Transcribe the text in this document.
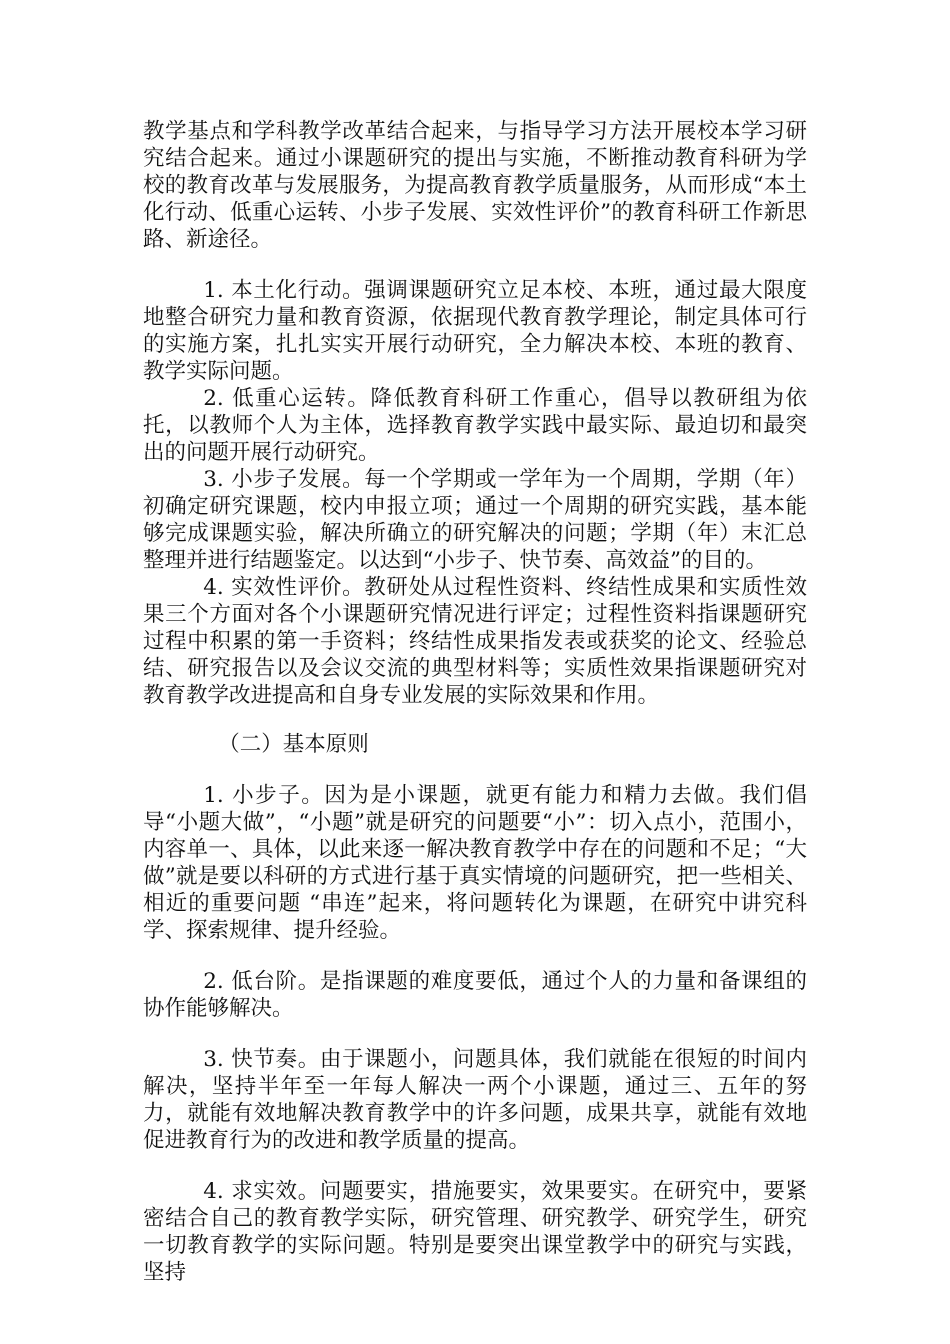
教学基点和学科教学改革结合起来，与指导学习方法开展校本学习研究结合起来。通过小课题研究的提出与实施，不断推动教育科研为学校的教育改革与发展服务，为提高教育教学质量服务，从而形成“本土化行动、低重心运转、小步子发展、实效性评价”的教育科研工作新思路、新途径。

1. 本土化行动。强调课题研究立足本校、本班，通过最大限度地整合研究力量和教育资源，依据现代教育教学理论，制定具体可行的实施方案，扎扎实实开展行动研究，全力解决本校、本班的教育、教学实际问题。

2. 低重心运转。降低教育科研工作重心，倡导以教研组为依托，以教师个人为主体，选择教育教学实践中最实际、最迫切和最突出的问题开展行动研究。

3. 小步子发展。每一个学期或一学年为一个周期，学期（年）初确定研究课题，校内申报立项；通过一个周期的研究实践，基本能够完成课题实验，解决所确立的研究解决的问题；学期（年）末汇总整理并进行结题鉴定。以达到“小步子、快节奏、高效益”的目的。

4. 实效性评价。教研处从过程性资料、终结性成果和实质性效果三个方面对各个小课题研究情况进行评定；过程性资料指课题研究过程中积累的第一手资料；终结性成果指发表或获奖的论文、经验总结、研究报告以及会议交流的典型材料等；实质性效果指课题研究对教育教学改进提高和自身专业发展的实际效果和作用。

（二）基本原则

1. 小步子。因为是小课题，就更有能力和精力去做。我们倡导“小题大做”，“小题”就是研究的问题要“小”：切入点小，范围小，内容单一、具体，以此来逐一解决教育教学中存在的问题和不足；“大做”就是要以科研的方式进行基于真实情境的问题研究，把一些相关、相近的重要问题 “串连”起来，将问题转化为课题，在研究中讲究科学、探索规律、提升经验。

2. 低台阶。是指课题的难度要低，通过个人的力量和备课组的协作能够解决。

3. 快节奏。由于课题小，问题具体，我们就能在很短的时间内解决，坚持半年至一年每人解决一两个小课题，通过三、五年的努力，就能有效地解决教育教学中的许多问题，成果共享，就能有效地促进教育行为的改进和教学质量的提高。

4. 求实效。问题要实，措施要实，效果要实。在研究中，要紧密结合自己的教育教学实际，研究管理、研究教学、研究学生，研究一切教育教学的实际问题。特别是要突出课堂教学中的研究与实践，坚持
